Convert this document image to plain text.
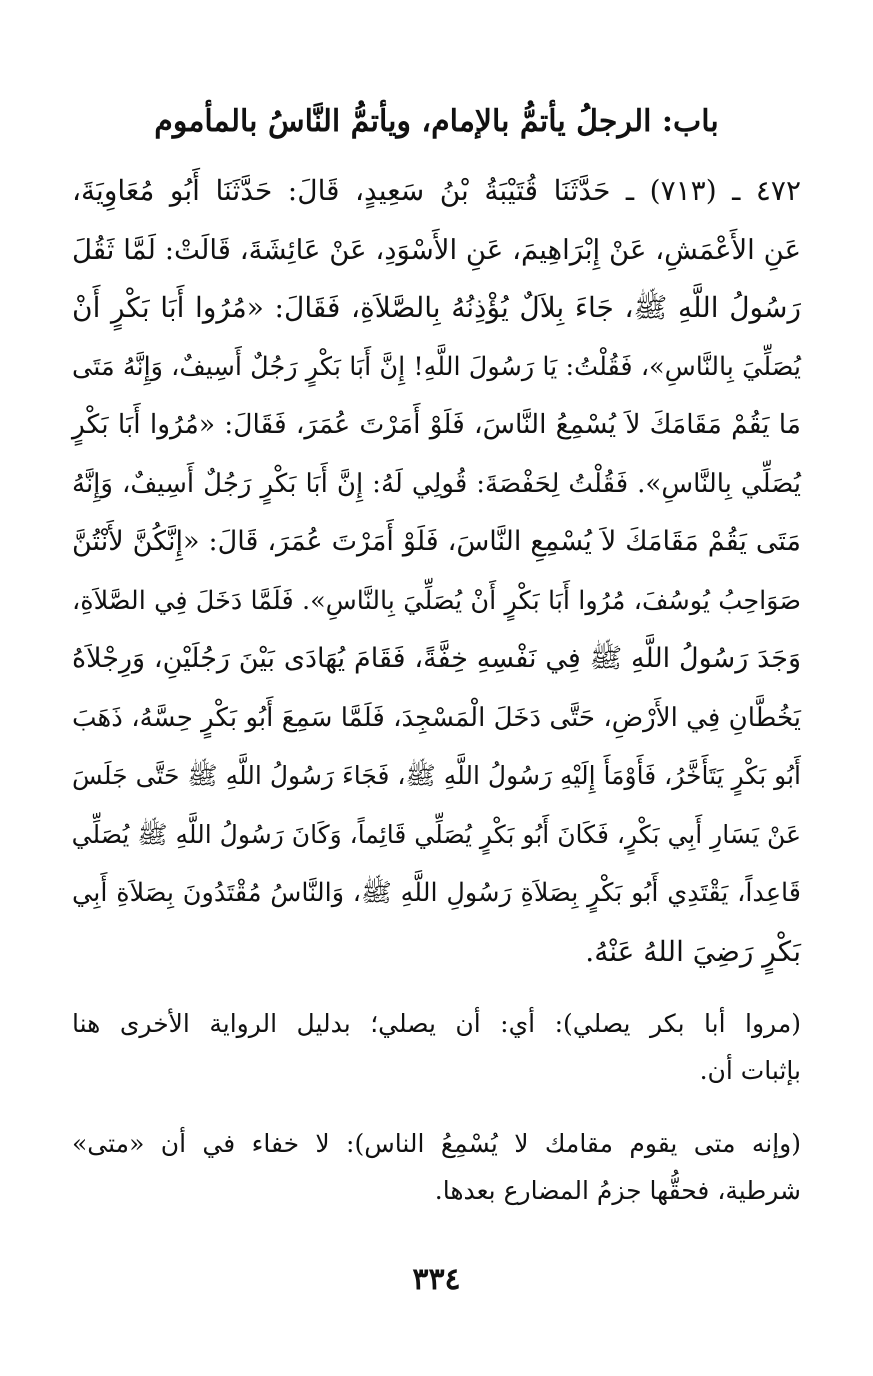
باب: الرجلُ يأتمُّ بالإمام، ويأتمُّ النَّاسُ بالمأموم
٤٧٢ ـ (٧١٣) ـ حَدَّثَنَا قُتَيْبَةُ بْنُ سَعِيدٍ، قَالَ: حَدَّثَنَا أَبُو مُعَاوِيَةَ،
عَنِ الأَعْمَشِ، عَنْ إِبْرَاهِيمَ، عَنِ الأَسْوَدِ، عَنْ عَائِشَةَ، قَالَتْ: لَمَّا ثَقُلَ
رَسُولُ اللَّهِ ﷺ، جَاءَ بِلاَلٌ يُؤْذِنُهُ بِالصَّلاَةِ، فَقَالَ: «مُرُوا أَبَا بَكْرٍ أَنْ
يُصَلِّيَ بِالنَّاسِ»، فَقُلْتُ: يَا رَسُولَ اللَّهِ! إِنَّ أَبَا بَكْرٍ رَجُلٌ أَسِيفٌ، وَإِنَّهُ مَتَى
مَا يَقُمْ مَقَامَكَ لاَ يُسْمِعُ النَّاسَ، فَلَوْ أَمَرْتَ عُمَرَ، فَقَالَ: «مُرُوا أَبَا بَكْرٍ
يُصَلِّي بِالنَّاسِ». فَقُلْتُ لِحَفْصَةَ: قُولِي لَهُ: إِنَّ أَبَا بَكْرٍ رَجُلٌ أَسِيفٌ، وَإِنَّهُ
مَتَى يَقُمْ مَقَامَكَ لاَ يُسْمِعِ النَّاسَ، فَلَوْ أَمَرْتَ عُمَرَ، قَالَ: «إِنَّكُنَّ لأَنْتُنَّ
صَوَاحِبُ يُوسُفَ، مُرُوا أَبَا بَكْرٍ أَنْ يُصَلِّيَ بِالنَّاسِ». فَلَمَّا دَخَلَ فِي الصَّلاَةِ،
وَجَدَ رَسُولُ اللَّهِ ﷺ فِي نَفْسِهِ خِفَّةً، فَقَامَ يُهَادَى بَيْنَ رَجُلَيْنِ، وَرِجْلاَهُ
يَخُطَّانِ فِي الأَرْضِ، حَتَّى دَخَلَ الْمَسْجِدَ، فَلَمَّا سَمِعَ أَبُو بَكْرٍ حِسَّهُ، ذَهَبَ
أَبُو بَكْرٍ يَتَأَخَّرُ، فَأَوْمَأَ إِلَيْهِ رَسُولُ اللَّهِ ﷺ، فَجَاءَ رَسُولُ اللَّهِ ﷺ حَتَّى جَلَسَ
عَنْ يَسَارِ أَبِي بَكْرٍ، فَكَانَ أَبُو بَكْرٍ يُصَلِّي قَائِماً، وَكَانَ رَسُولُ اللَّهِ ﷺ يُصَلِّي
قَاعِداً، يَقْتَدِي أَبُو بَكْرٍ بِصَلاَةِ رَسُولِ اللَّهِ ﷺ، وَالنَّاسُ مُقْتَدُونَ بِصَلاَةِ أَبِي
بَكْرٍ رَضِيَ اللهُ عَنْهُ.
(مروا أبا بكر يصلي): أي: أن يصلي؛ بدليل الرواية الأخرى هنا
بإثبات أن.
(وإنه متى يقوم مقامك لا يُسْمِعُ الناس): لا خفاء في أن «متى»
شرطية، فحقُّها جزمُ المضارع بعدها.
٣٣٤
